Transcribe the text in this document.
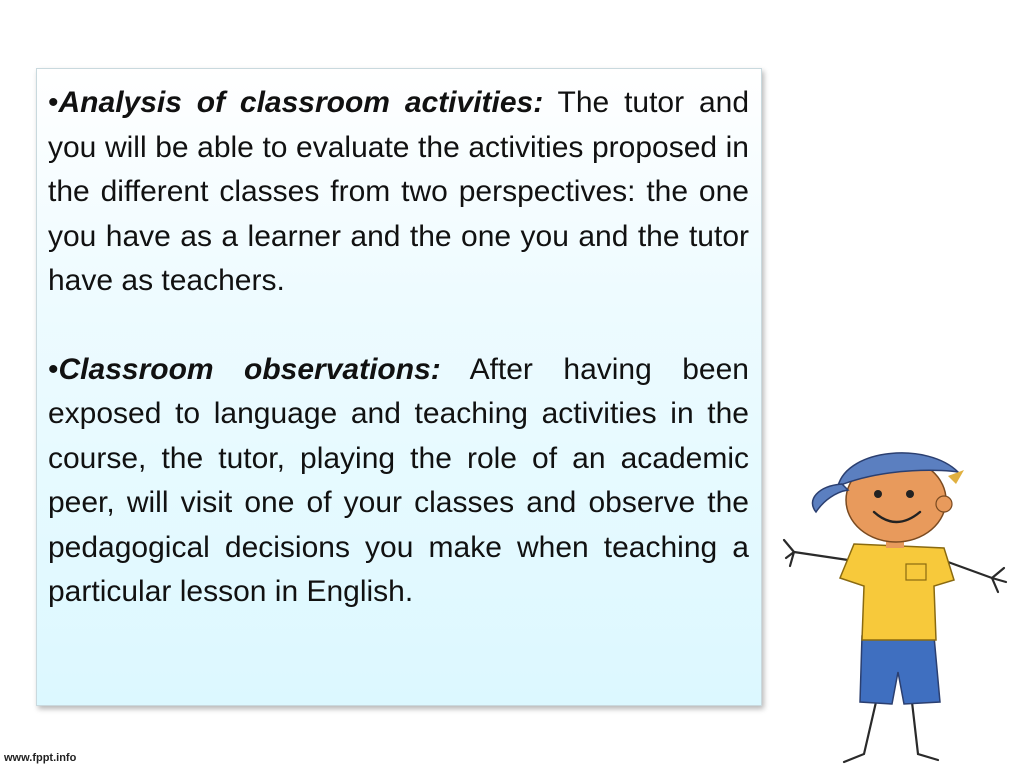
•Analysis of classroom activities: The tutor and you will be able to evaluate the activities proposed in the different classes from two perspectives: the one you have as a learner and the one you and the tutor have as teachers.

•Classroom observations: After having been exposed to language and teaching activities in the course, the tutor, playing the role of an academic peer, will visit one of your classes and observe the pedagogical decisions you make when teaching a particular lesson in English.

www.fppt.info
